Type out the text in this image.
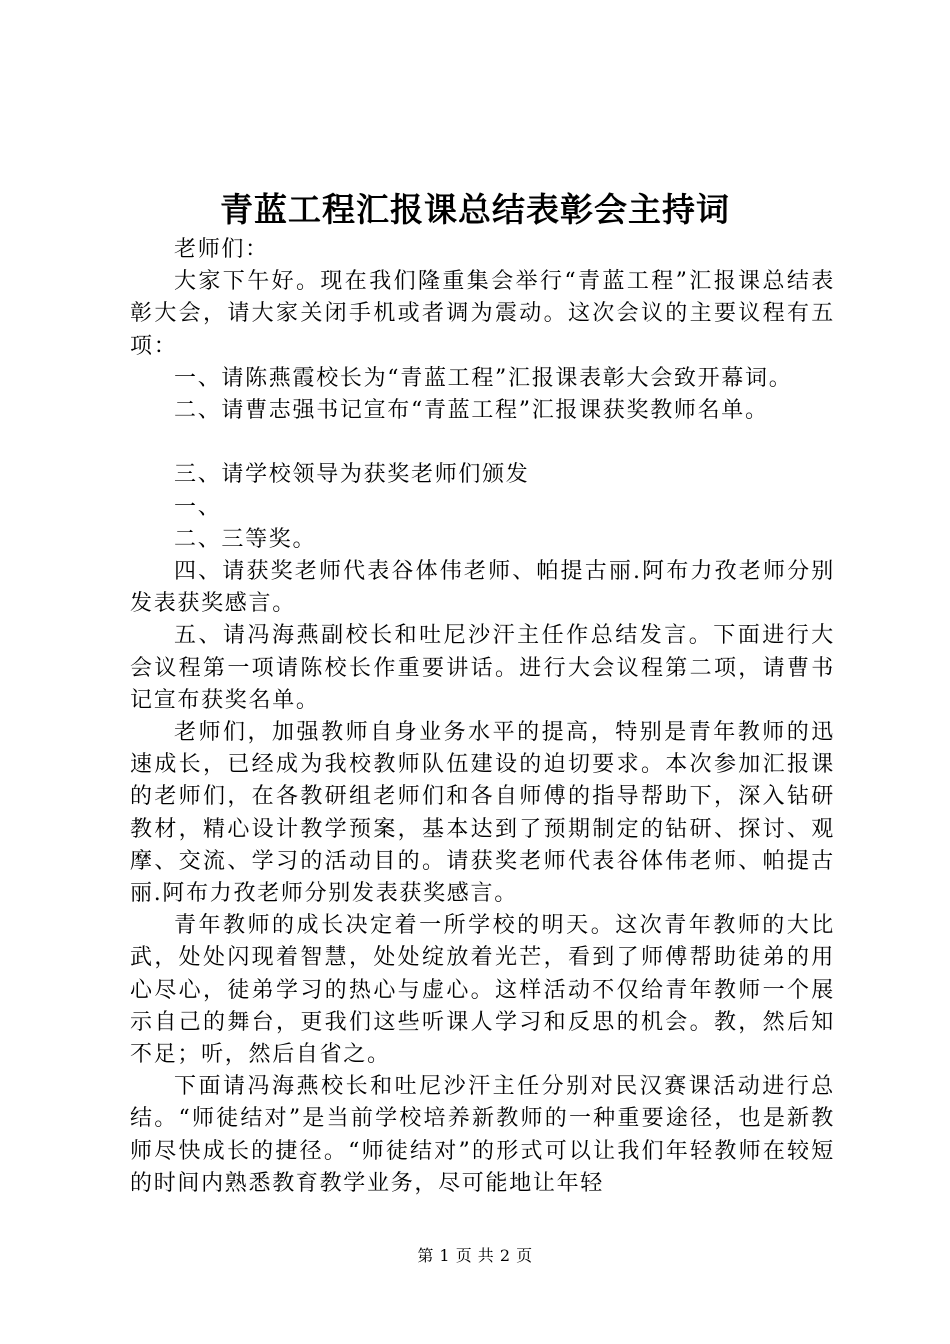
青蓝工程汇报课总结表彰会主持词

老师们：

大家下午好。现在我们隆重集会举行“青蓝工程”汇报课总结表彰大会，请大家关闭手机或者调为震动。这次会议的主要议程有五项：

一、请陈燕霞校长为“青蓝工程”汇报课表彰大会致开幕词。

二、请曹志强书记宣布“青蓝工程”汇报课获奖教师名单。

三、请学校领导为获奖老师们颁发

一、

二、三等奖。

四、请获奖老师代表谷体伟老师、帕提古丽.阿布力孜老师分别发表获奖感言。

五、请冯海燕副校长和吐尼沙汗主任作总结发言。下面进行大会议程第一项请陈校长作重要讲话。进行大会议程第二项，请曹书记宣布获奖名单。

老师们，加强教师自身业务水平的提高，特别是青年教师的迅速成长，已经成为我校教师队伍建设的迫切要求。本次参加汇报课的老师们，在各教研组老师们和各自师傅的指导帮助下，深入钻研教材，精心设计教学预案，基本达到了预期制定的钻研、探讨、观摩、交流、学习的活动目的。请获奖老师代表谷体伟老师、帕提古丽.阿布力孜老师分别发表获奖感言。

青年教师的成长决定着一所学校的明天。这次青年教师的大比武，处处闪现着智慧，处处绽放着光芒，看到了师傅帮助徒弟的用心尽心，徒弟学习的热心与虚心。这样活动不仅给青年教师一个展示自己的舞台，更我们这些听课人学习和反思的机会。教，然后知不足；听，然后自省之。

下面请冯海燕校长和吐尼沙汗主任分别对民汉赛课活动进行总结。“师徒结对”是当前学校培养新教师的一种重要途径，也是新教师尽快成长的捷径。“师徒结对”的形式可以让我们年轻教师在较短的时间内熟悉教育教学业务，尽可能地让年轻

第 1 页 共 2 页
